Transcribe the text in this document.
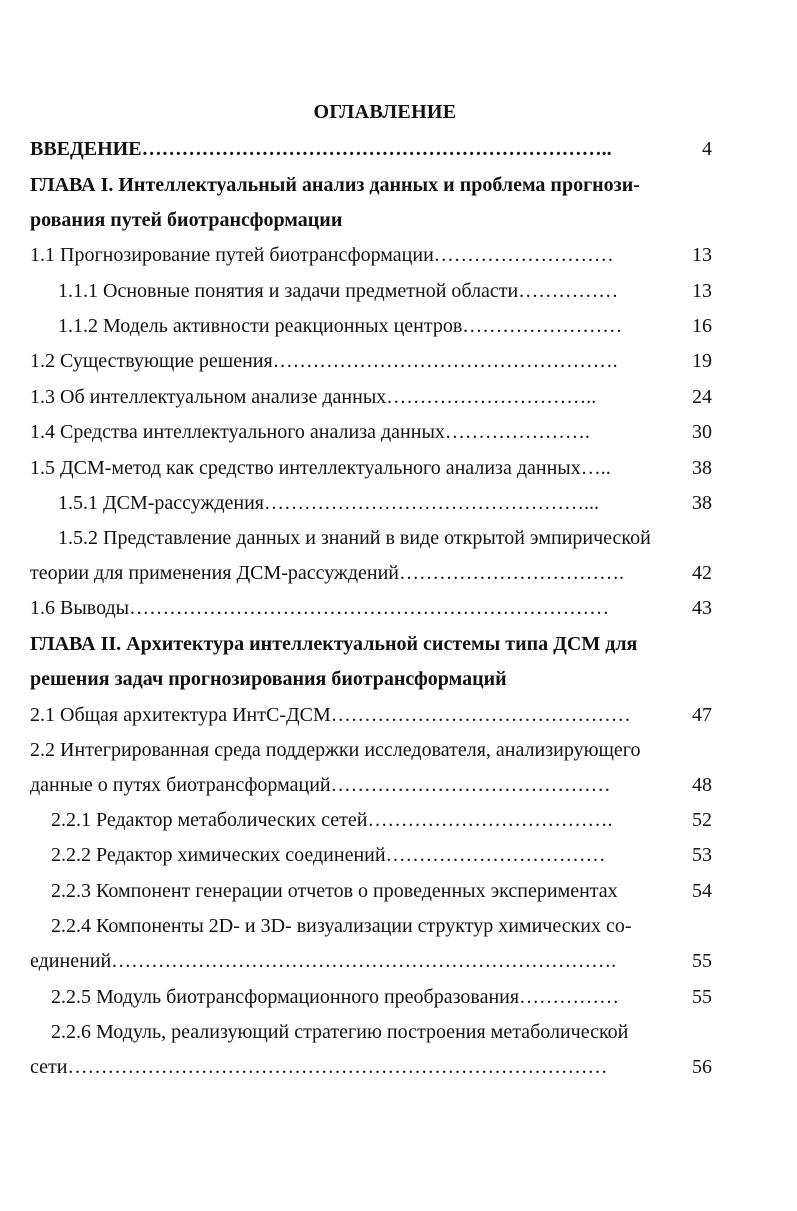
ОГЛАВЛЕНИЕ
ВВЕДЕНИЕ……………………………………………………………..	4
ГЛАВА I. Интеллектуальный анализ данных и проблема прогнози-
рования путей биотрансформации
1.1 Прогнозирование путей биотрансформации………………………	13
1.1.1 Основные понятия и задачи предметной области……………	13
1.1.2 Модель активности реакционных центров……………………	16
1.2 Существующие решения…………………………………………….	19
1.3 Об интеллектуальном анализе данных…………………………..	24
1.4 Средства интеллектуального анализа данных………………….	30
1.5 ДСМ-метод как средство интеллектуального анализа данных…..	38
1.5.1 ДСМ-рассуждения…………………………………………...	38
1.5.2 Представление данных и знаний в виде открытой эмпирической
теории для применения ДСМ-рассуждений…………………………….	42
1.6 Выводы………………………………………………………………	43
ГЛАВА II. Архитектура интеллектуальной системы типа ДСМ для
решения задач прогнозирования биотрансформаций
2.1 Общая архитектура ИнтС-ДСМ………………………………………	47
2.2 Интегрированная среда поддержки исследователя, анализирующего
данные о путях биотрансформаций……………………………………	48
2.2.1 Редактор метаболических сетей……………………………….	52
2.2.2 Редактор химических соединений……………………………	53
2.2.3 Компонент генерации отчетов о проведенных экспериментах	54
2.2.4 Компоненты 2D- и 3D- визуализации структур химических со-
единений………………………………………………………………….	55
2.2.5 Модуль биотрансформационного преобразования……………	55
2.2.6 Модуль, реализующий стратегию построения метаболической
сети………………………………………………………………………	56
